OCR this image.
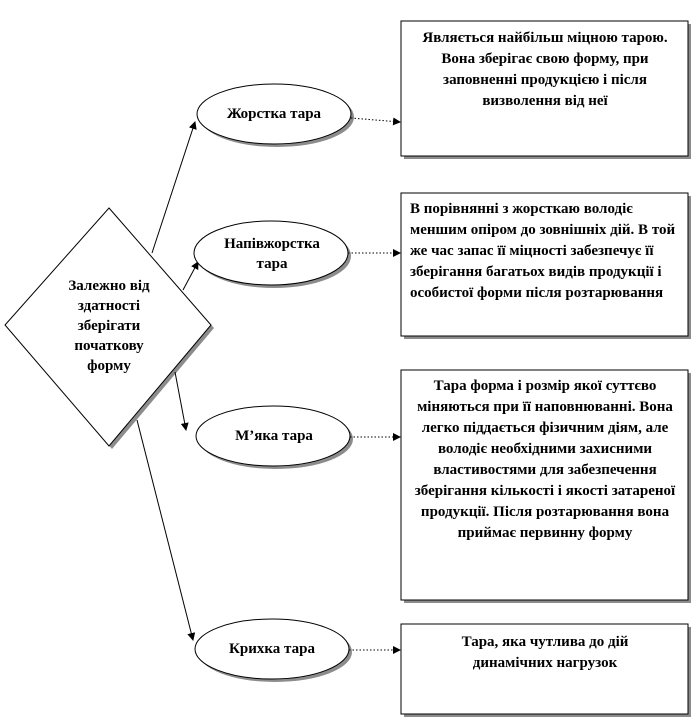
Залежно від здатності зберігати початкову форму
Жорстка тара
Напівжорстка тара
М’яка тара
Крихка тара
Являється найбільш міцною тарою. Вона зберігає свою форму, при заповненні продукцією і після визволення від неї
В порівнянні з жорсткаю володіє меншим опіром до зовнішніх дій. В той же час запас її міцності забезпечує її зберігання багатьох видів продукції і особистої форми після розтарювання
Тара форма і розмір якої суттєво міняються при її наповнюванні. Вона легко піддається фізичним діям, але володіє необхідними захисними властивостями для забезпечення зберігання кількості і якості затареної продукції. Після розтарювання вона приймає первинну форму
Тара, яка чутлива до дій динамічних нагрузок
